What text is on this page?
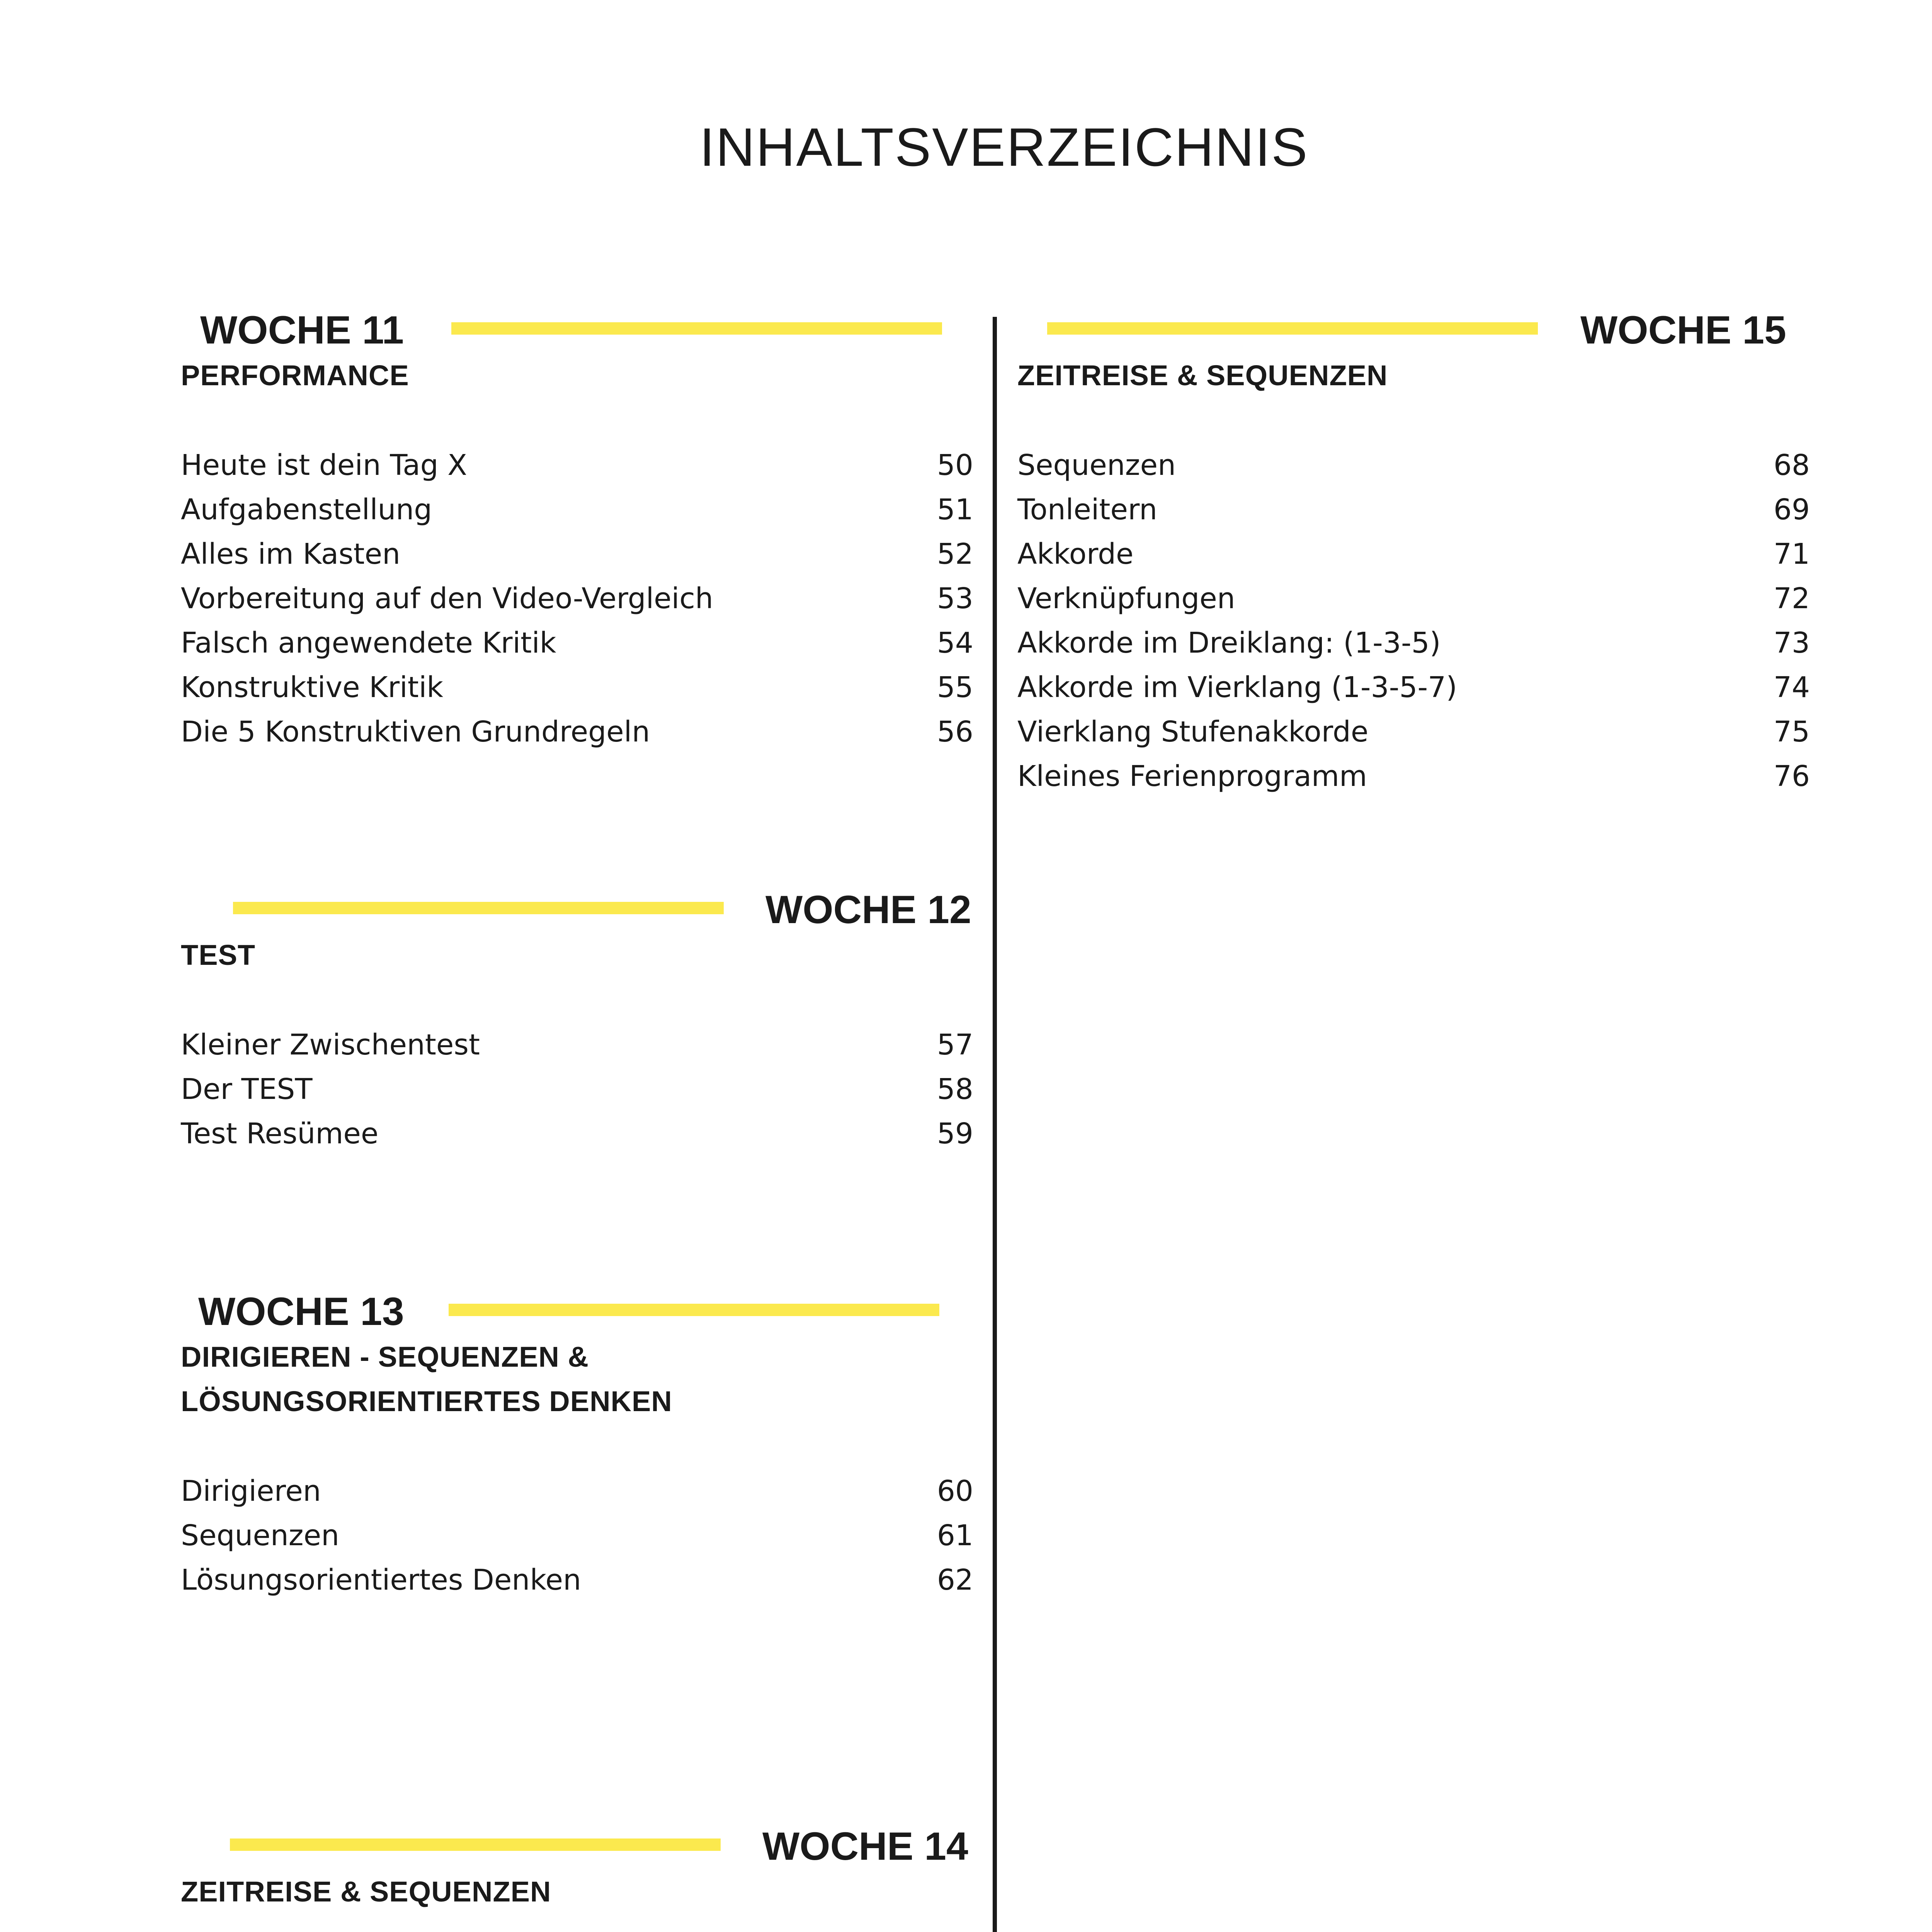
INHALTSVERZEICHNIS
WOCHE 11
PERFORMANCE
Heute ist dein Tag X	50
Aufgabenstellung	51
Alles im Kasten	52
Vorbereitung auf den Video-Vergleich	53
Falsch angewendete Kritik	54
Konstruktive Kritik	55
Die 5 Konstruktiven Grundregeln	56
WOCHE 12
TEST
Kleiner Zwischentest	57
Der TEST	58
Test Resümee	59
WOCHE 13
DIRIGIEREN - SEQUENZEN &
LÖSUNGSORIENTIERTES DENKEN
Dirigieren	60
Sequenzen	61
Lösungsorientiertes Denken	62
WOCHE 14
ZEITREISE & SEQUENZEN
WOCHE 15
ZEITREISE & SEQUENZEN
Sequenzen	68
Tonleitern	69
Akkorde	71
Verknüpfungen	72
Akkorde im Dreiklang: (1-3-5)	73
Akkorde im Vierklang (1-3-5-7)	74
Vierklang Stufenakkorde	75
Kleines Ferienprogramm	76
